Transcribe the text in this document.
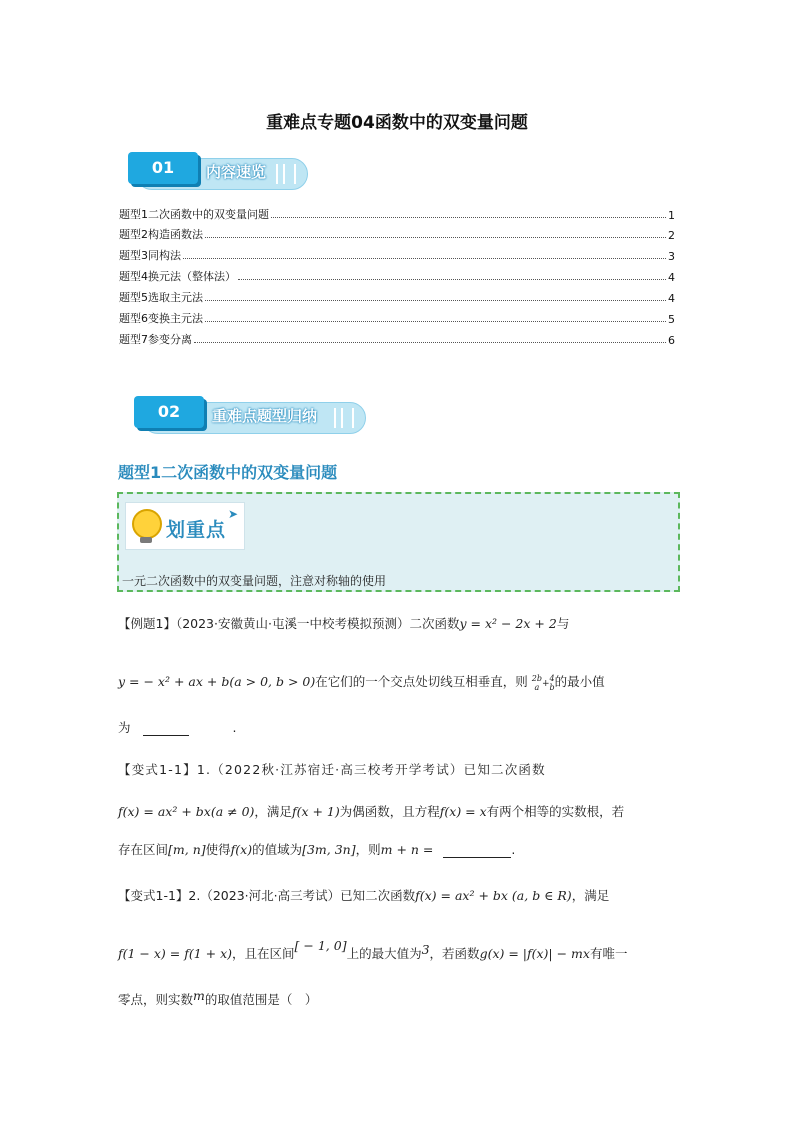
重难点专题04函数中的双变量问题
01	内容速览
题型1二次函数中的双变量问题	1
题型2构造函数法	2
题型3同构法	3
题型4换元法（整体法）	4
题型5选取主元法	4
题型6变换主元法	5
题型7参变分离	6
02	重难点题型归纳
题型1二次函数中的双变量问题
划重点
➤
一元二次函数中的双变量问题，注意对称轴的使用
【例题1】（2023·安徽黄山·屯溪一中校考模拟预测）二次函数y = x² − 2x + 2与
y = − x² + ax + b(a > 0, b > 0)在它们的一个交点处切线互相垂直，则 2b
a +
4
b的最小值
为	.
【变式1-1】1.（2022秋·江苏宿迁·高三校考开学考试）已知二次函数
f(x) = ax² + bx(a ≠ 0)，满足f(x + 1)为偶函数，且方程f(x) = x有两个相等的实数根，若
存在区间[m, n]使得f(x)的值域为[3m, 3n]，则m + n =	.
【变式1-1】2.（2023·河北·高三考试）已知二次函数f(x) = ax² + bx (a, b ∈ R)，满足
f(1 − x) = f(1 + x)，且在区间[ − 1, 0]上的最大值为3，若函数g(x) = |f(x)| − mx有唯一
零点，则实数m的取值范围是（　）
